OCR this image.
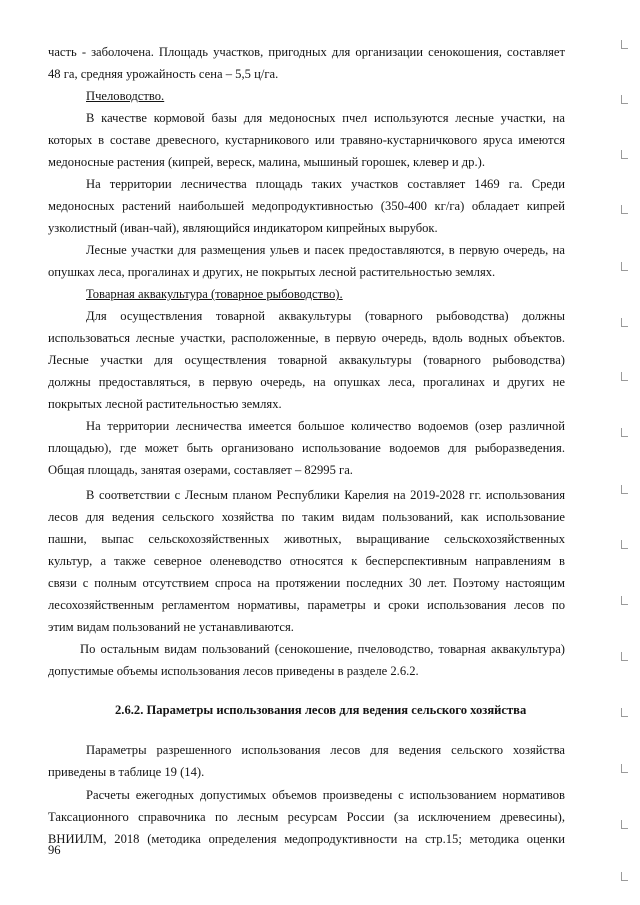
часть - заболочена. Площадь участков, пригодных для организации сенокошения, составляет
48 га, средняя урожайность сена – 5,5 ц/га.
Пчеловодство.
В качестве кормовой базы для медоносных пчел используются лесные участки, на
которых в составе древесного, кустарникового или травяно-кустарничкового яруса имеются
медоносные растения (кипрей, вереск, малина, мышиный горошек, клевер и др.).
На территории лесничества площадь таких участков составляет 1469 га. Среди
медоносных растений наибольшей медопродуктивностью (350-400 кг/га) обладает кипрей
узколистный (иван-чай), являющийся индикатором кипрейных вырубок.
Лесные участки для размещения ульев и пасек предоставляются, в первую очередь, на
опушках леса, прогалинах и других, не покрытых лесной растительностью землях.
Товарная аквакультура (товарное рыбоводство).
Для осуществления товарной аквакультуры (товарного рыбоводства) должны
использоваться лесные участки, расположенные, в первую очередь, вдоль водных объектов.
Лесные участки для осуществления товарной аквакультуры (товарного рыбоводства)
должны предоставляться, в первую очередь, на опушках леса, прогалинах и других не
покрытых лесной растительностью землях.
На территории лесничества имеется большое количество водоемов (озер различной
площадью), где может быть организовано использование водоемов для рыборазведения.
Общая площадь, занятая озерами, составляет – 82995 га.
В соответствии с Лесным планом Республики Карелия на 2019-2028 гг. использования
лесов для ведения сельского хозяйства по таким видам пользований, как использование
пашни, выпас сельскохозяйственных животных, выращивание сельскохозяйственных
культур, а также северное оленеводство относятся к бесперспективным направлениям в
связи с полным отсутствием спроса на протяжении последних 30 лет. Поэтому настоящим
лесохозяйственным регламентом нормативы, параметры и сроки использования лесов по
этим видам пользований не устанавливаются.
По остальным видам пользований (сенокошение, пчеловодство, товарная аквакультура)
допустимые объемы использования лесов приведены в разделе 2.6.2.
2.6.2. Параметры использования лесов для ведения сельского хозяйства
Параметры разрешенного использования лесов для ведения сельского хозяйства
приведены в таблице 19 (14).
Расчеты ежегодных допустимых объемов произведены с использованием нормативов
Таксационного справочника по лесным ресурсам России (за исключением древесины),
ВНИИЛМ, 2018 (методика определения медопродуктивности на стр.15; методика оценки
96
